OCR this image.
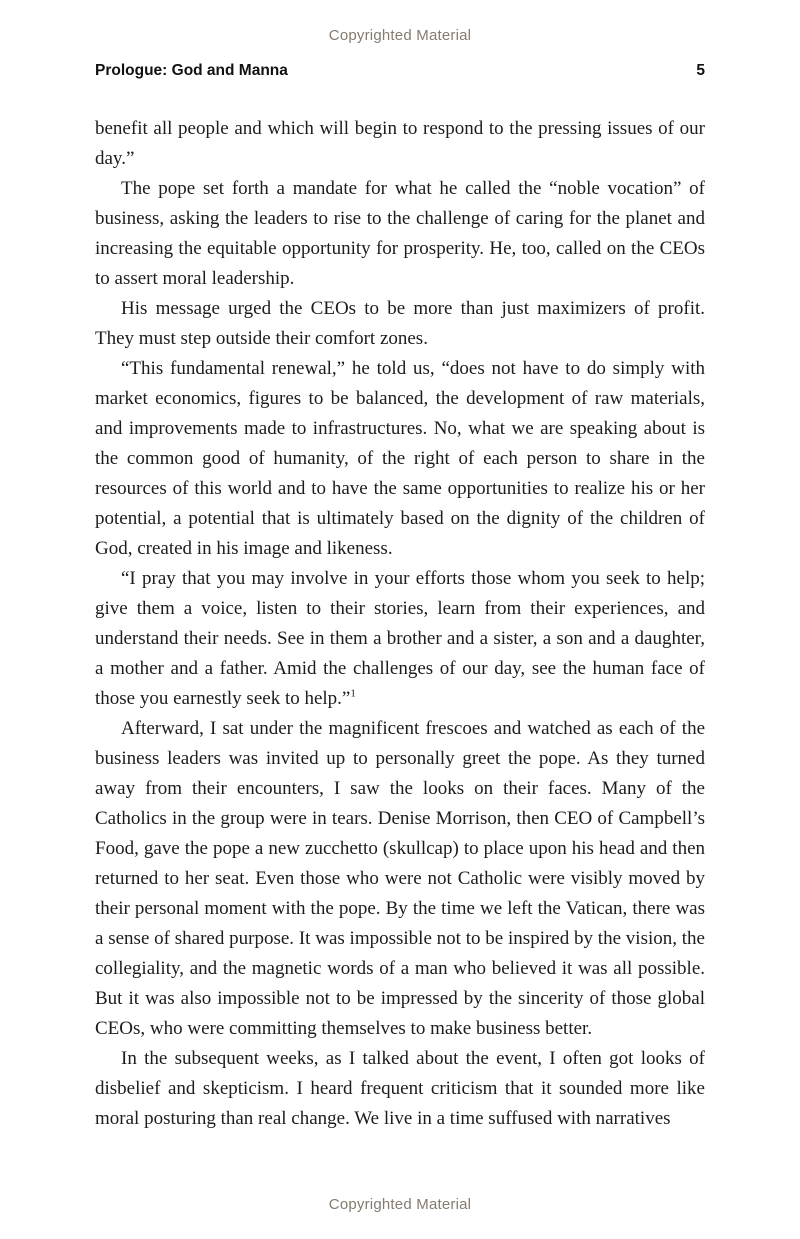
Copyrighted Material
Prologue: God and Manna	5

benefit all people and which will begin to respond to the pressing issues of our day.”

The pope set forth a mandate for what he called the “noble vocation” of business, asking the leaders to rise to the challenge of caring for the planet and increasing the equitable opportunity for prosperity. He, too, called on the CEOs to assert moral leadership.

His message urged the CEOs to be more than just maximizers of profit. They must step outside their comfort zones.

“This fundamental renewal,” he told us, “does not have to do simply with market economics, figures to be balanced, the development of raw materials, and improvements made to infrastructures. No, what we are speaking about is the common good of humanity, of the right of each person to share in the resources of this world and to have the same opportunities to realize his or her potential, a potential that is ultimately based on the dignity of the children of God, created in his image and likeness.

“I pray that you may involve in your efforts those whom you seek to help; give them a voice, listen to their stories, learn from their experiences, and understand their needs. See in them a brother and a sister, a son and a daughter, a mother and a father. Amid the challenges of our day, see the human face of those you earnestly seek to help.”$^1$

Afterward, I sat under the magnificent frescoes and watched as each of the business leaders was invited up to personally greet the pope. As they turned away from their encounters, I saw the looks on their faces. Many of the Catholics in the group were in tears. Denise Morrison, then CEO of Campbell’s Food, gave the pope a new zucchetto (skullcap) to place upon his head and then returned to her seat. Even those who were not Catholic were visibly moved by their personal moment with the pope. By the time we left the Vatican, there was a sense of shared purpose. It was impossible not to be inspired by the vision, the collegiality, and the magnetic words of a man who believed it was all possible. But it was also impossible not to be impressed by the sincerity of those global CEOs, who were committing themselves to make business better.

In the subsequent weeks, as I talked about the event, I often got looks of disbelief and skepticism. I heard frequent criticism that it sounded more like moral posturing than real change. We live in a time suffused with narratives

Copyrighted Material
